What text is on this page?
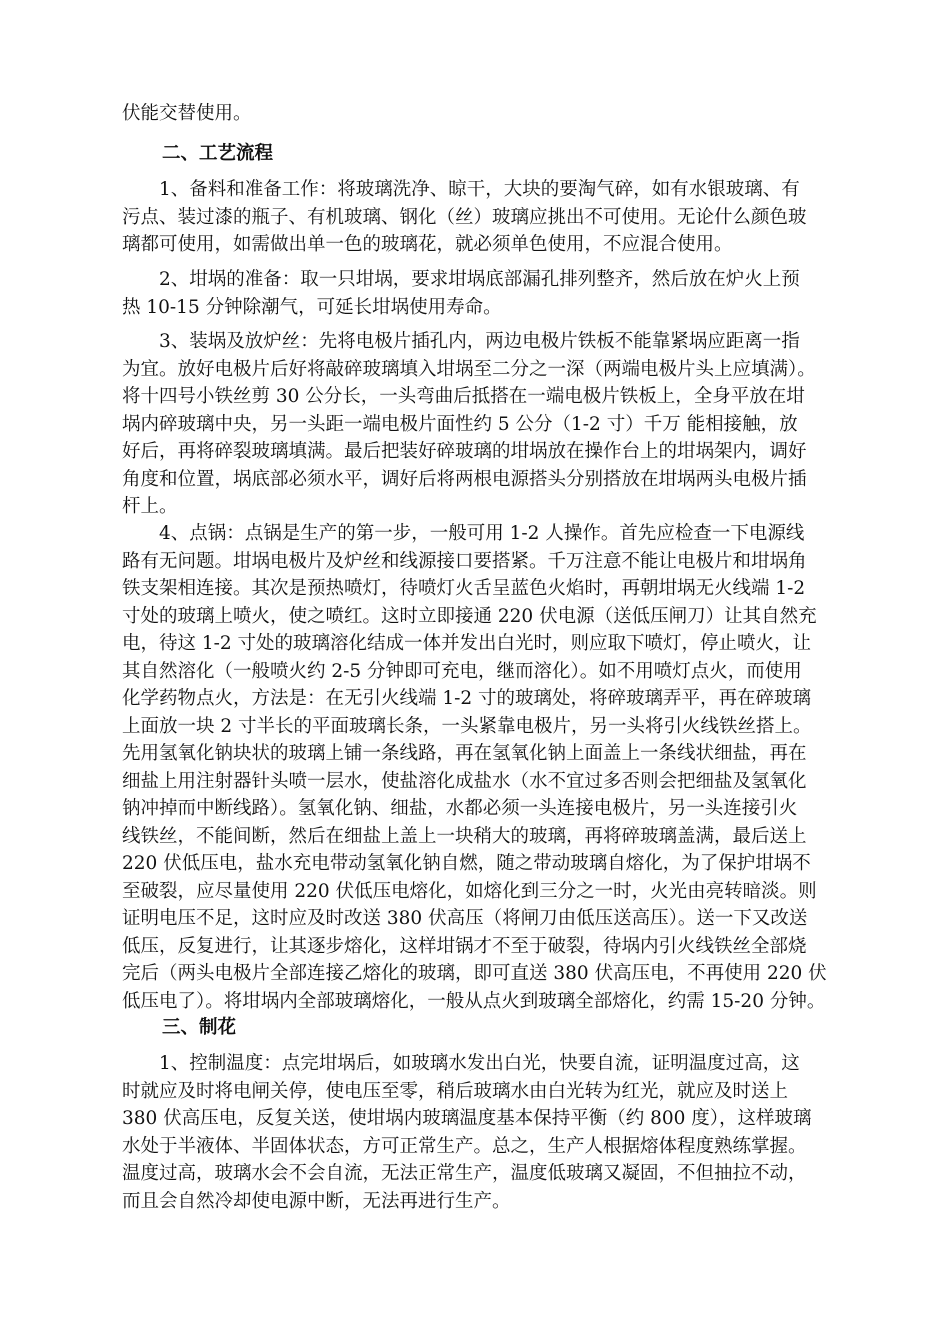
伏能交替使用。
二、工艺流程
　　1、备料和准备工作：将玻璃洗净、晾干，大块的要淘气碎，如有水银玻璃、有
污点、装过漆的瓶子、有机玻璃、钢化（丝）玻璃应挑出不可使用。无论什么颜色玻
璃都可使用，如需做出单一色的玻璃花，就必须单色使用，不应混合使用。
　　2、坩埚的准备：取一只坩埚，要求坩埚底部漏孔排列整齐，然后放在炉火上预
热 10-15 分钟除潮气，可延长坩埚使用寿命。
　　3、装埚及放炉丝：先将电极片插孔内，两边电极片铁板不能靠紧埚应距离一指
为宜。放好电极片后好将敲碎玻璃填入坩埚至二分之一深（两端电极片头上应填满）。
将十四号小铁丝剪 30 公分长，一头弯曲后抵搭在一端电极片铁板上，全身平放在坩
埚内碎玻璃中央，另一头距一端电极片面性约 5 公分（1-2 寸）千万 能相接触，放
好后，再将碎裂玻璃填满。最后把装好碎玻璃的坩埚放在操作台上的坩埚架内，调好
角度和位置，埚底部必须水平，调好后将两根电源搭头分别搭放在坩埚两头电极片插
杆上。
　　4、点锅：点锅是生产的第一步，一般可用 1-2 人操作。首先应检查一下电源线
路有无问题。坩埚电极片及炉丝和线源接口要搭紧。千万注意不能让电极片和坩埚角
铁支架相连接。其次是预热喷灯，待喷灯火舌呈蓝色火焰时，再朝坩埚无火线端 1-2
寸处的玻璃上喷火，使之喷红。这时立即接通 220 伏电源（送低压闸刀）让其自然充
电，待这 1-2 寸处的玻璃溶化结成一体并发出白光时，则应取下喷灯，停止喷火，让
其自然溶化（一般喷火约 2-5 分钟即可充电，继而溶化）。如不用喷灯点火，而使用
化学药物点火，方法是：在无引火线端 1-2 寸的玻璃处，将碎玻璃弄平，再在碎玻璃
上面放一块 2 寸半长的平面玻璃长条，一头紧靠电极片，另一头将引火线铁丝搭上。
先用氢氧化钠块状的玻璃上铺一条线路，再在氢氧化钠上面盖上一条线状细盐，再在
细盐上用注射器针头喷一层水，使盐溶化成盐水（水不宜过多否则会把细盐及氢氧化
钠冲掉而中断线路）。氢氧化钠、细盐，水都必须一头连接电极片，另一头连接引火
线铁丝，不能间断，然后在细盐上盖上一块稍大的玻璃，再将碎玻璃盖满，最后送上
220 伏低压电，盐水充电带动氢氧化钠自燃，随之带动玻璃自熔化，为了保护坩埚不
至破裂，应尽量使用 220 伏低压电熔化，如熔化到三分之一时，火光由亮转暗淡。则
证明电压不足，这时应及时改送 380 伏高压（将闸刀由低压送高压）。送一下又改送
低压，反复进行，让其逐步熔化，这样坩锅才不至于破裂，待埚内引火线铁丝全部烧
完后（两头电极片全部连接乙熔化的玻璃，即可直送 380 伏高压电，不再使用 220 伏
低压电了）。将坩埚内全部玻璃熔化，一般从点火到玻璃全部熔化，约需 15-20 分钟。
三、制花
　　1、控制温度：点完坩埚后，如玻璃水发出白光，快要自流，证明温度过高，这
时就应及时将电闸关停，使电压至零，稍后玻璃水由白光转为红光，就应及时送上
380 伏高压电，反复关送，使坩埚内玻璃温度基本保持平衡（约 800 度），这样玻璃
水处于半液体、半固体状态，方可正常生产。总之，生产人根据熔体程度熟练掌握。
温度过高，玻璃水会不会自流，无法正常生产，温度低玻璃又凝固，不但抽拉不动，
而且会自然冷却使电源中断，无法再进行生产。
